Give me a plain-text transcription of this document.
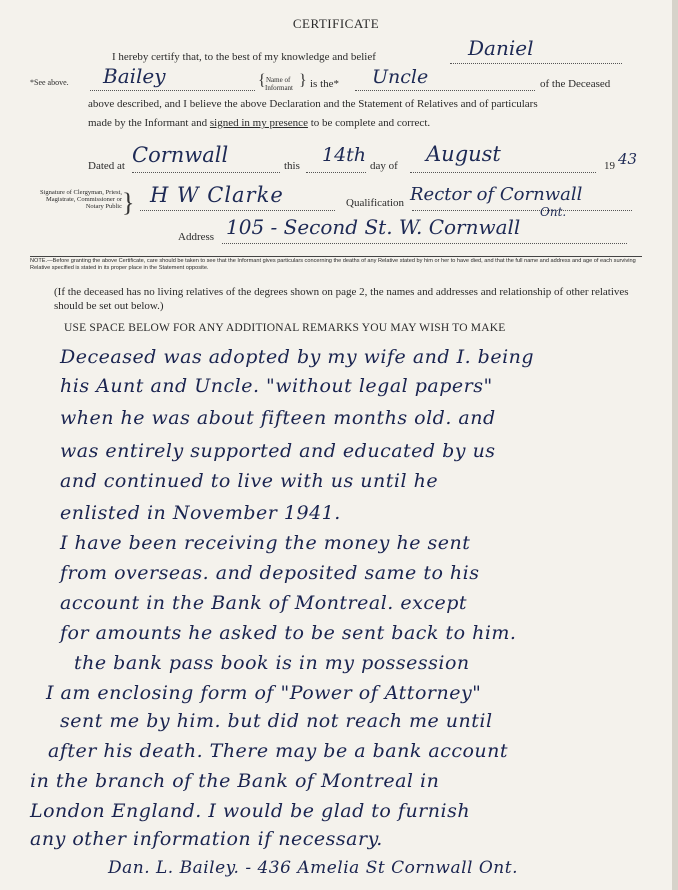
CERTIFICATE
I hereby certify that, to the best of my knowledge and belief	Daniel
*See above. Bailey	{ Name of
Informant } is the* Uncle	of the Deceased
above described, and I believe the above Declaration and the Statement of Relatives and of particulars
made by the Informant and signed in my presence to be complete and correct.
Dated at Cornwall	this 14th day of August	19 43
Signature of Clergyman, Priest, Magistrate, Commissioner or Notary Public } H W Clarke	Qualification Rector of Cornwall
Ont.
Address 105 - Second St. W. Cornwall
NOTE.—Before granting the above Certificate, care should be taken to see that the Informant gives particulars concerning the deaths of any Relative stated by him or her to have died, and that the full name and address and age of each surviving Relative specified is stated in its proper place in the Statement opposite.
(If the deceased has no living relatives of the degrees shown on page 2, the names and addresses and relationship of other relatives should be set out below.)
USE SPACE BELOW FOR ANY ADDITIONAL REMARKS YOU MAY WISH TO MAKE
Deceased was adopted by my wife and I. being
his Aunt and Uncle. "without legal papers"
when he was about fifteen months old. and
was entirely supported and educated by us
and continued to live with us until he
enlisted in November 1941.
I have been receiving the money he sent
from overseas. and deposited same to his
account in the Bank of Montreal. except
for amounts he asked to be sent back to him.
the bank pass book is in my possession
I am enclosing form of "Power of Attorney"
sent me by him. but did not reach me until
after his death. There may be a bank account
in the branch of the Bank of Montreal in
London England. I would be glad to furnish
any other information if necessary.
Dan. L. Bailey. - 436 Amelia St Cornwall Ont.
